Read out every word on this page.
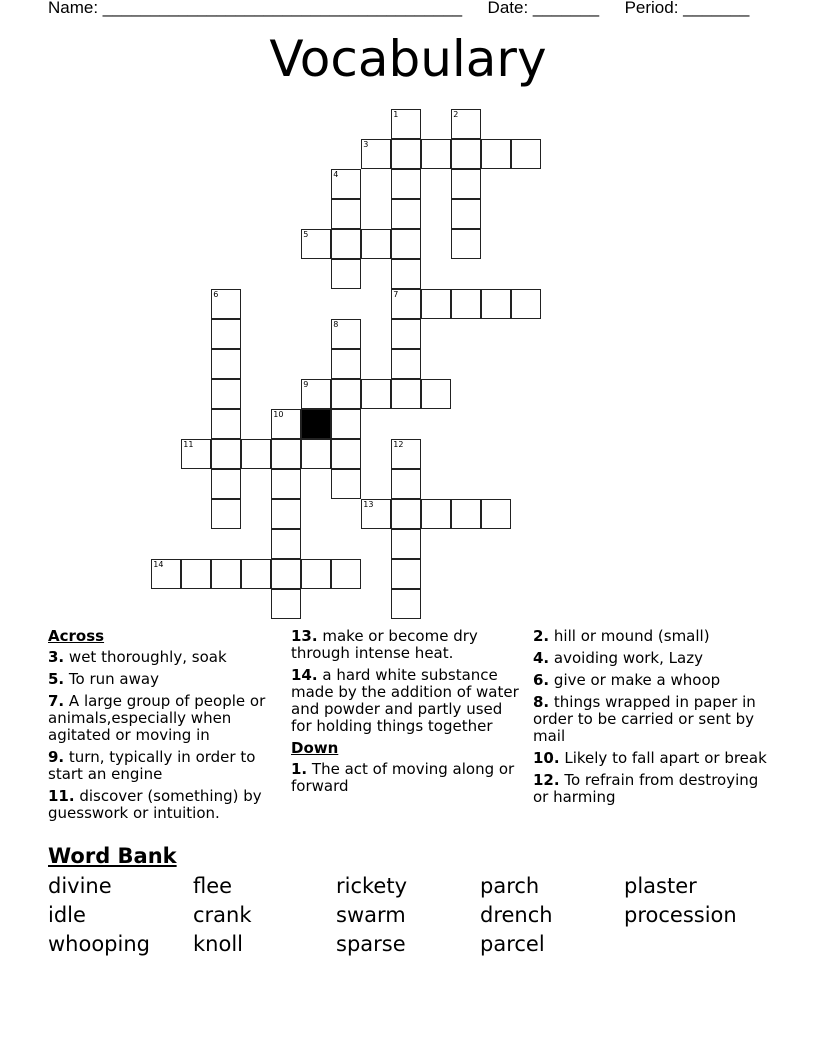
Name: ______________________________________ Date: _______ Period: _______
Vocabulary
1	2
3
4
5
6	7
8
9
10
11	12
13
14
Across
3. wet thoroughly, soak
5. To run away
7. A large group of people or animals,especially when agitated or moving in
9. turn, typically in order to start an engine
11. discover (something) by guesswork or intuition.
13. make or become dry through intense heat.
14. a hard white substance made by the addition of water and powder and partly used for holding things together
Down
1. The act of moving along or forward
2. hill or mound (small)
4. avoiding work, Lazy
6. give or make a whoop
8. things wrapped in paper in order to be carried or sent by mail
10. Likely to fall apart or break
12. To refrain from destroying or harming
Word Bank
divine	flee	rickety	parch	plaster
idle	crank	swarm	drench	procession
whooping	knoll	sparse	parcel
